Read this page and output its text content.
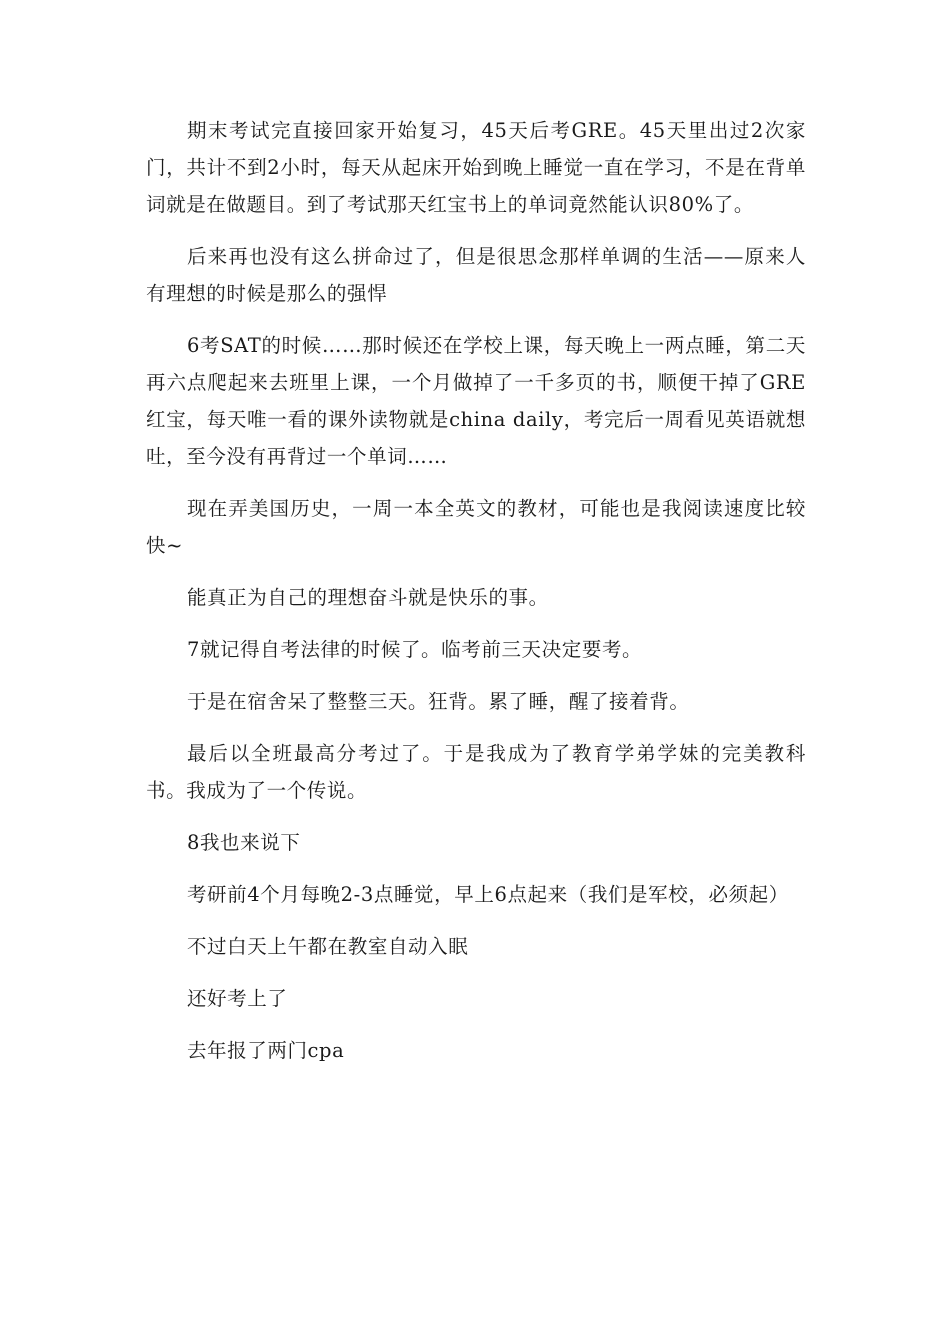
期末考试完直接回家开始复习，45天后考GRE。45天里出过2次家门，共计不到2小时，每天从起床开始到晚上睡觉一直在学习，不是在背单词就是在做题目。到了考试那天红宝书上的单词竟然能认识80%了。

后来再也没有这么拼命过了，但是很思念那样单调的生活——原来人有理想的时候是那么的强悍

6考SAT的时候……那时候还在学校上课，每天晚上一两点睡，第二天再六点爬起来去班里上课，一个月做掉了一千多页的书，顺便干掉了GRE红宝，每天唯一看的课外读物就是china daily，考完后一周看见英语就想吐，至今没有再背过一个单词……

现在弄美国历史，一周一本全英文的教材，可能也是我阅读速度比较快~

能真正为自己的理想奋斗就是快乐的事。

7就记得自考法律的时候了。临考前三天决定要考。

于是在宿舍呆了整整三天。狂背。累了睡，醒了接着背。

最后以全班最高分考过了。于是我成为了教育学弟学妹的完美教科书。我成为了一个传说。

8我也来说下

考研前4个月每晚2-3点睡觉，早上6点起来（我们是军校，必须起）

不过白天上午都在教室自动入眠

还好考上了

去年报了两门cpa
